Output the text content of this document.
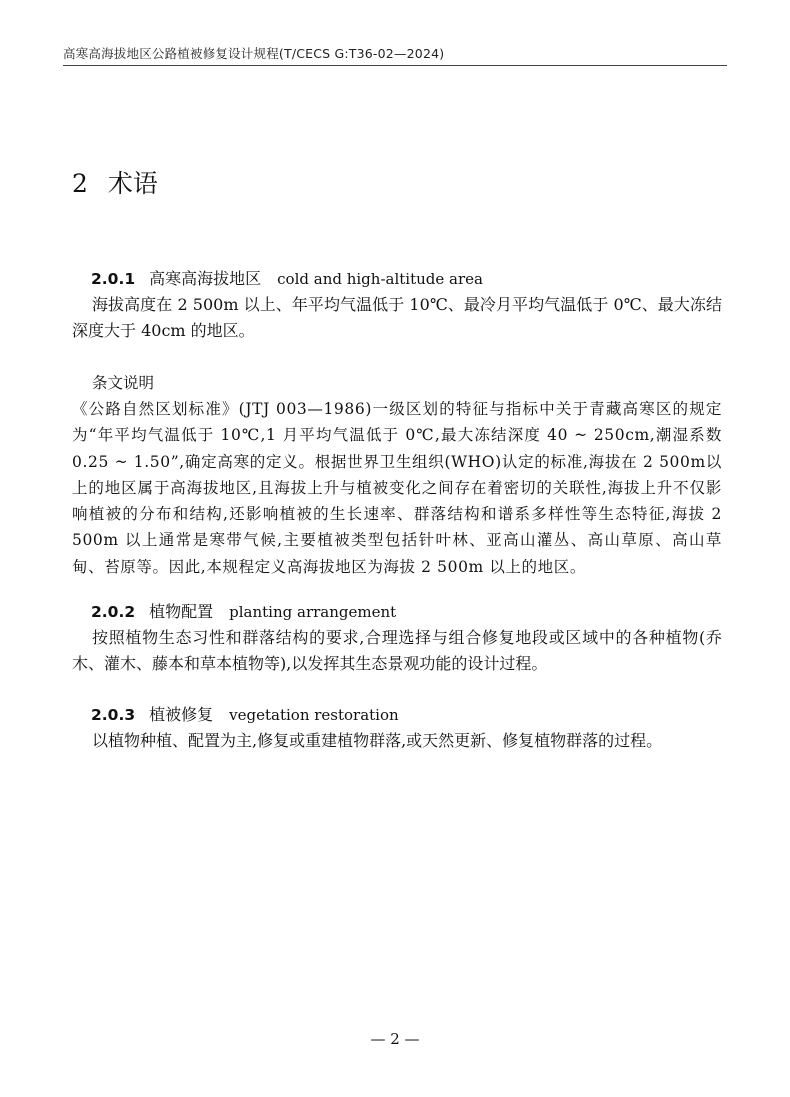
高寒高海拔地区公路植被修复设计规程(T/CECS G:T36-02—2024)
2 术语
2.0.1 高寒高海拔地区 cold and high-altitude area
海拔高度在 2 500m 以上、年平均气温低于 10℃、最冷月平均气温低于 0℃、最大冻结深度大于 40cm 的地区。
条文说明
《公路自然区划标准》(JTJ 003—1986)一级区划的特征与指标中关于青藏高寒区的规定为“年平均气温低于 10℃,1 月平均气温低于 0℃,最大冻结深度 40 ~ 250cm,潮湿系数 0.25 ~ 1.50”,确定高寒的定义。根据世界卫生组织(WHO)认定的标准,海拔在 2 500m以上的地区属于高海拔地区,且海拔上升与植被变化之间存在着密切的关联性,海拔上升不仅影响植被的分布和结构,还影响植被的生长速率、群落结构和谱系多样性等生态特征,海拔 2 500m 以上通常是寒带气候,主要植被类型包括针叶林、亚高山灌丛、高山草原、高山草甸、苔原等。因此,本规程定义高海拔地区为海拔 2 500m 以上的地区。
2.0.2 植物配置 planting arrangement
按照植物生态习性和群落结构的要求,合理选择与组合修复地段或区域中的各种植物(乔木、灌木、藤本和草本植物等),以发挥其生态景观功能的设计过程。
2.0.3 植被修复 vegetation restoration
以植物种植、配置为主,修复或重建植物群落,或天然更新、修复植物群落的过程。
— 2 —
